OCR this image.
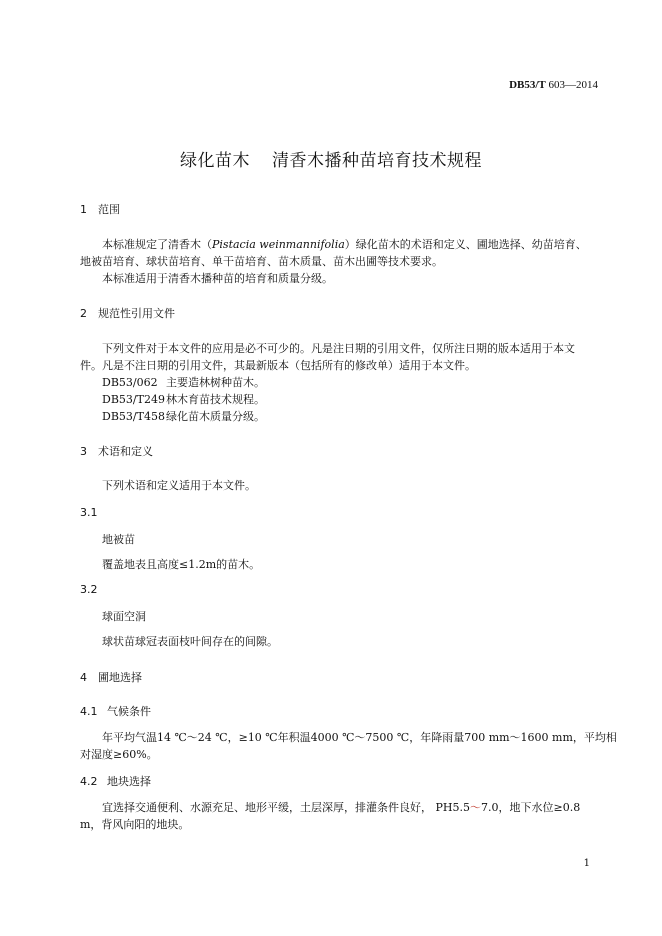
DB53/T 603—2014
绿化苗木 清香木播种苗培育技术规程
1 范围
本标准规定了清香木（Pistacia weinmannifolia）绿化苗木的术语和定义、圃地选择、幼苗培育、
地被苗培育、球状苗培育、单干苗培育、苗木质量、苗木出圃等技术要求。
本标准适用于清香木播种苗的培育和质量分级。
2 规范性引用文件
下列文件对于本文件的应用是必不可少的。凡是注日期的引用文件，仅所注日期的版本适用于本文
件。凡是不注日期的引用文件，其最新版本（包括所有的修改单）适用于本文件。
DB53/062 主要造林树种苗木。
DB53/T249林木育苗技术规程。
DB53/T458绿化苗木质量分级。
3 术语和定义
下列术语和定义适用于本文件。
3.1
地被苗
覆盖地表且高度≤1.2m的苗木。
3.2
球面空洞
球状苗球冠表面枝叶间存在的间隙。
4 圃地选择
4.1 气候条件
年平均气温14 ℃～24 ℃，≥10 ℃年积温4000 ℃～7500 ℃，年降雨量700 mm～1600 mm，平均相
对湿度≥60%。
4.2 地块选择
宜选择交通便利、水源充足、地形平缓，土层深厚，排灌条件良好， PH5.5～7.0，地下水位≥0.8
m，背风向阳的地块。
1
